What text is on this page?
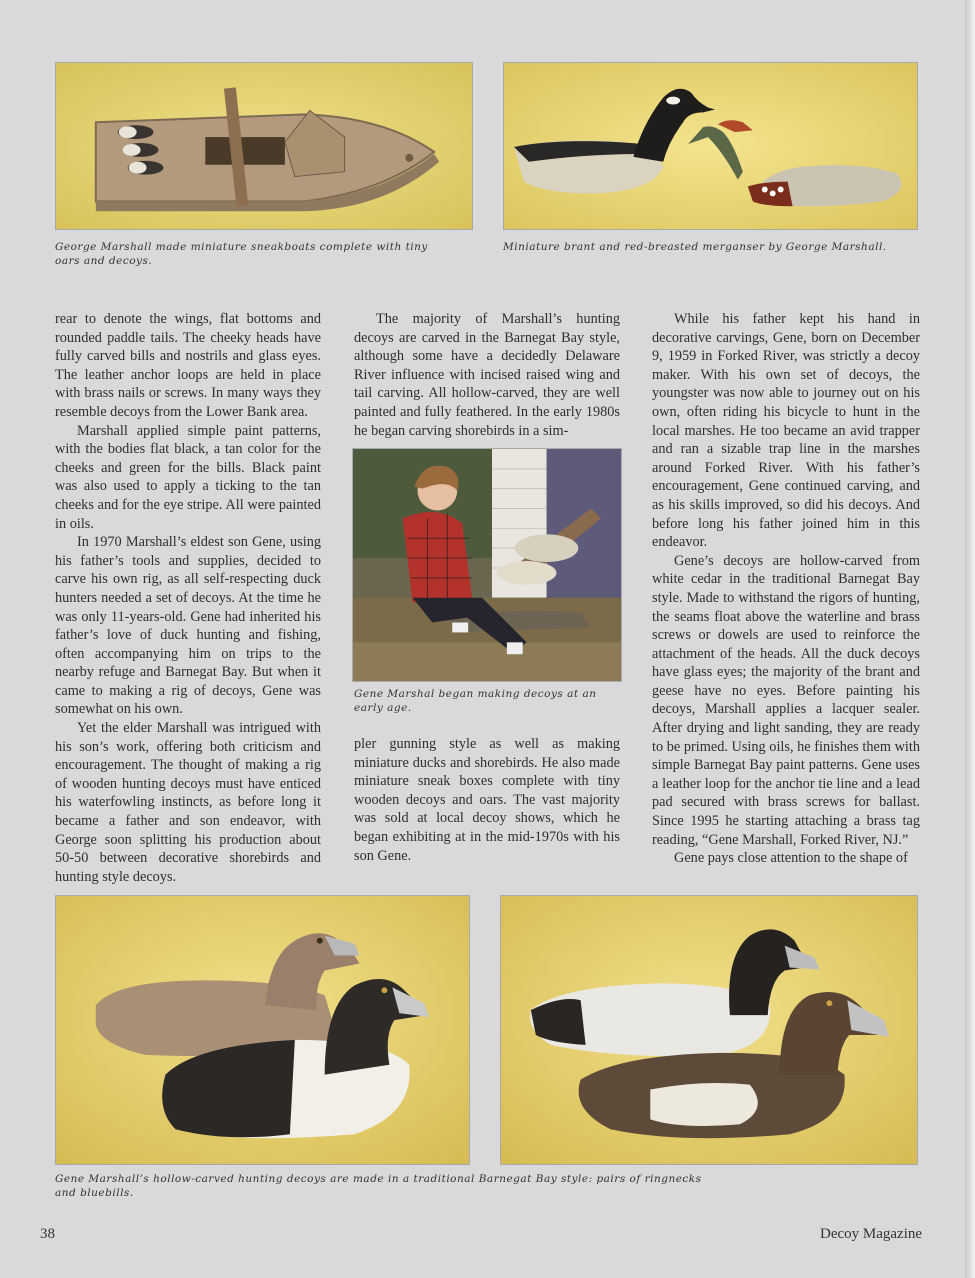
George Marshall made miniature sneakboats complete with tiny oars and decoys.
Miniature brant and red-breasted merganser by George Marshall.

rear to denote the wings, flat bottoms and rounded paddle tails. The cheeky heads have fully carved bills and nostrils and glass eyes. The leather anchor loops are held in place with brass nails or screws. In many ways they resemble decoys from the Lower Bank area.

Marshall applied simple paint patterns, with the bodies flat black, a tan color for the cheeks and green for the bills. Black paint was also used to apply a ticking to the tan cheeks and for the eye stripe. All were painted in oils.

In 1970 Marshall’s eldest son Gene, using his father’s tools and supplies, decided to carve his own rig, as all self-respecting duck hunters needed a set of decoys. At the time he was only 11-years-old. Gene had inherited his father’s love of duck hunting and fishing, often accompanying him on trips to the nearby refuge and Barnegat Bay. But when it came to making a rig of decoys, Gene was somewhat on his own.

Yet the elder Marshall was intrigued with his son’s work, offering both criticism and encouragement. The thought of making a rig of wooden hunting decoys must have enticed his waterfowling instincts, as before long it became a father and son endeavor, with George soon splitting his production about 50-50 between decorative shorebirds and hunting style decoys.

The majority of Marshall’s hunting decoys are carved in the Barnegat Bay style, although some have a decidedly Delaware River influence with incised raised wing and tail carving. All hollow-carved, they are well painted and fully feathered. In the early 1980s he began carving shorebirds in a sim-

Gene Marshal began making decoys at an early age.

pler gunning style as well as making miniature ducks and shorebirds. He also made miniature sneak boxes complete with tiny wooden decoys and oars. The vast majority was sold at local decoy shows, which he began exhibiting at in the mid-1970s with his son Gene.

While his father kept his hand in decorative carvings, Gene, born on December 9, 1959 in Forked River, was strictly a decoy maker. With his own set of decoys, the youngster was now able to journey out on his own, often riding his bicycle to hunt in the local marshes. He too became an avid trapper and ran a sizable trap line in the marshes around Forked River. With his father’s encouragement, Gene continued carving, and as his skills improved, so did his decoys. And before long his father joined him in this endeavor.

Gene’s decoys are hollow-carved from white cedar in the traditional Barnegat Bay style. Made to withstand the rigors of hunting, the seams float above the waterline and brass screws or dowels are used to reinforce the attachment of the heads. All the duck decoys have glass eyes; the majority of the brant and geese have no eyes. Before painting his decoys, Marshall applies a lacquer sealer. After drying and light sanding, they are ready to be primed. Using oils, he finishes them with simple Barnegat Bay paint patterns. Gene uses a leather loop for the anchor tie line and a lead pad secured with brass screws for ballast. Since 1995 he starting attaching a brass tag reading, “Gene Marshall, Forked River, NJ.”

Gene pays close attention to the shape of

Gene Marshall’s hollow-carved hunting decoys are made in a traditional Barnegat Bay style: pairs of ringnecks and bluebills.
38	Decoy Magazine
